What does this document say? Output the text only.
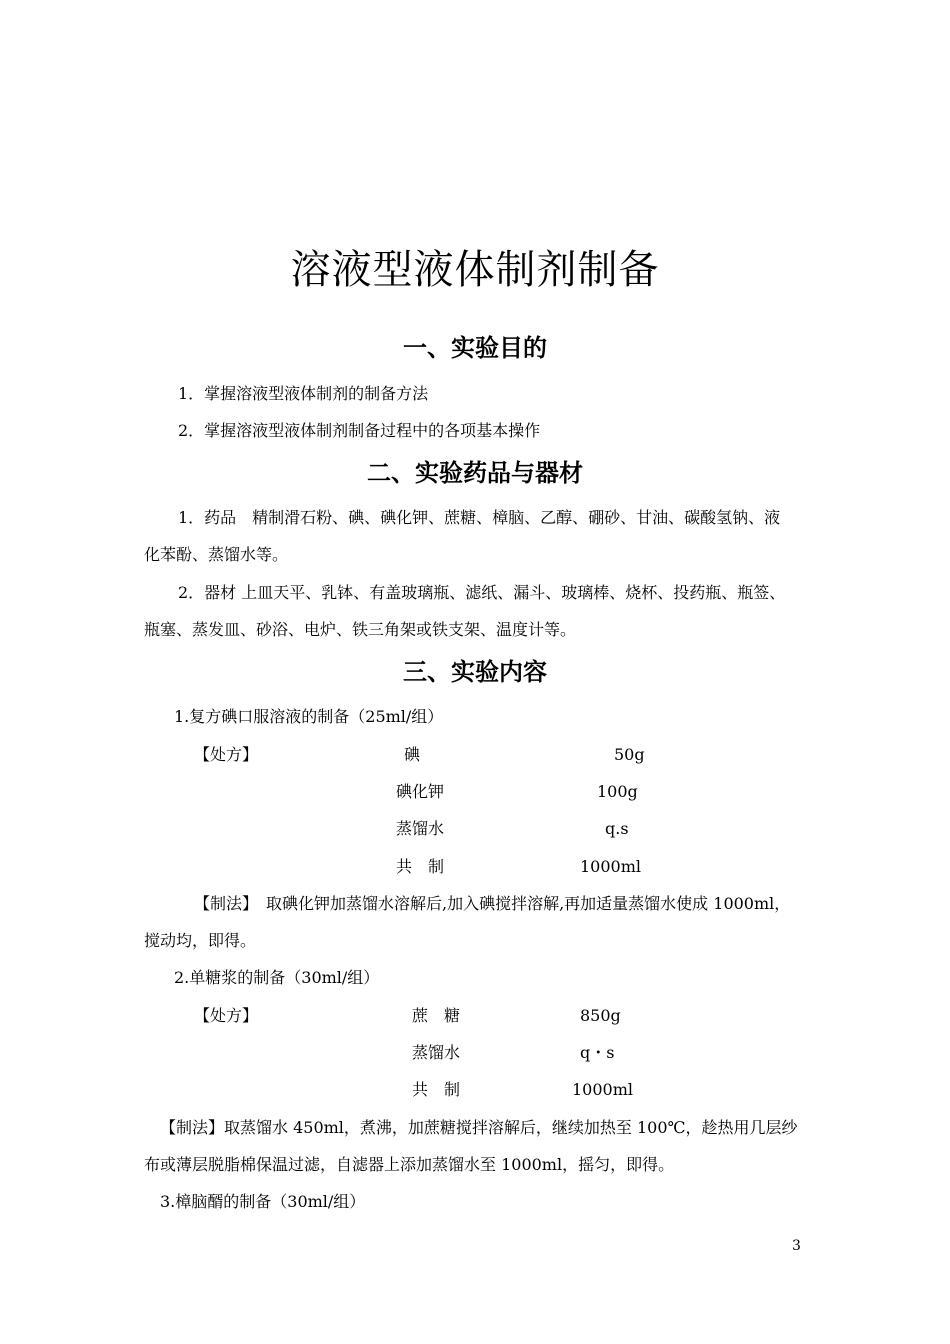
溶液型液体制剂制备
一、实验目的
1．掌握溶液型液体制剂的制备方法
2．掌握溶液型液体制剂制备过程中的各项基本操作
二、实验药品与器材
1．药品　精制滑石粉、碘、碘化钾、蔗糖、樟脑、乙醇、硼砂、甘油、碳酸氢钠、液
化苯酚、蒸馏水等。
2．器材 上皿天平、乳钵、有盖玻璃瓶、滤纸、漏斗、玻璃棒、烧杯、投药瓶、瓶签、
瓶塞、蒸发皿、砂浴、电炉、铁三角架或铁支架、温度计等。
三、实验内容
1.复方碘口服溶液的制备（25ml/组）
【处方】	碘	50g
碘化钾	100g
蒸馏水	q.s
共　制	1000ml
【制法】　取碘化钾加蒸馏水溶解后,加入碘搅拌溶解,再加适量蒸馏水使成 1000ml，
搅动均，即得。
2.单糖浆的制备（30ml/组）
【处方】	蔗　糖	850g
蒸馏水	q・s
共　制	1000ml
【制法】取蒸馏水 450ml，煮沸，加蔗糖搅拌溶解后，继续加热至 100℃，趁热用几层纱
布或薄层脱脂棉保温过滤，自滤器上添加蒸馏水至 1000ml，摇匀，即得。
3.樟脑醑的制备（30ml/组）
3
